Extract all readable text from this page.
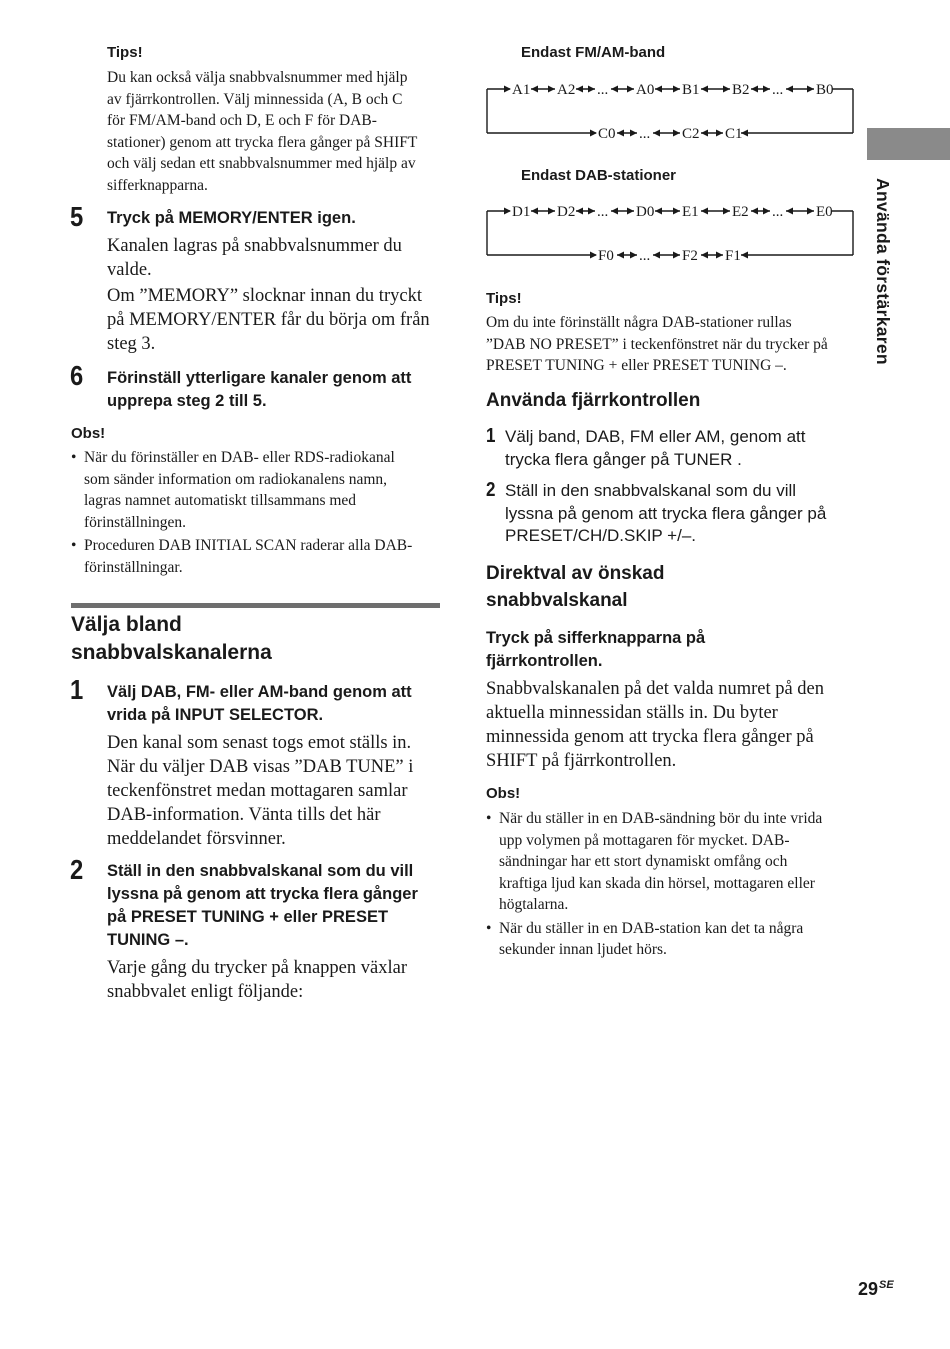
Tips!
Du kan också välja snabbvalsnummer med hjälp
av fjärrkontrollen. Välj minnessida (A, B och C
för FM/AM-band och D, E och F för DAB-
stationer) genom att trycka flera gånger på SHIFT
och välj sedan ett snabbvalsnummer med hjälp av
sifferknapparna.
5 Tryck på MEMORY/ENTER igen.
Kanalen lagras på snabbvalsnummer du
valde.
Om ”MEMORY” slocknar innan du tryckt
på MEMORY/ENTER får du börja om från
steg 3.
6 Förinställ ytterligare kanaler genom att
upprepa steg 2 till 5.
Obs!
• När du förinställer en DAB- eller RDS-radiokanal
som sänder information om radiokanalens namn,
lagras namnet automatiskt tillsammans med
förinställningen.
• Proceduren DAB INITIAL SCAN raderar alla DAB-
förinställningar.
Välja bland
snabbvalskanalerna
1 Välj DAB, FM- eller AM-band genom att
vrida på INPUT SELECTOR.
Den kanal som senast togs emot ställs in.
När du väljer DAB visas ”DAB TUNE” i
teckenfönstret medan mottagaren samlar
DAB-information. Vänta tills det här
meddelandet försvinner.
2 Ställ in den snabbvalskanal som du vill
lyssna på genom att trycka flera gånger
på PRESET TUNING + eller PRESET
TUNING –.
Varje gång du trycker på knappen växlar
snabbvalet enligt följande:
Endast FM/AM-band
A1 A2 ... A0 B1 B2 ... B0
C0 ... C2 C1
Endast DAB-stationer
D1 D2 ... D0 E1 E2 ... E0
F0 ... F2 F1
Tips!
Om du inte förinställt några DAB-stationer rullas
”DAB NO PRESET” i teckenfönstret när du trycker på
PRESET TUNING + eller PRESET TUNING –.
Använda fjärrkontrollen
1 Välj band, DAB, FM eller AM, genom att
trycka flera gånger på TUNER .
2 Ställ in den snabbvalskanal som du vill
lyssna på genom att trycka flera gånger på
PRESET/CH/D.SKIP +/–.
Direktval av önskad
snabbvalskanal
Tryck på sifferknapparna på
fjärrkontrollen.
Snabbvalskanalen på det valda numret på den
aktuella minnessidan ställs in. Du byter
minnessida genom att trycka flera gånger på
SHIFT på fjärrkontrollen.
Obs!
• När du ställer in en DAB-sändning bör du inte vrida
upp volymen på mottagaren för mycket. DAB-
sändningar har ett stort dynamiskt omfång och
kraftiga ljud kan skada din hörsel, mottagaren eller
högtalarna.
• När du ställer in en DAB-station kan det ta några
sekunder innan ljudet hörs.
Använda förstärkaren
$29^{SE}$
